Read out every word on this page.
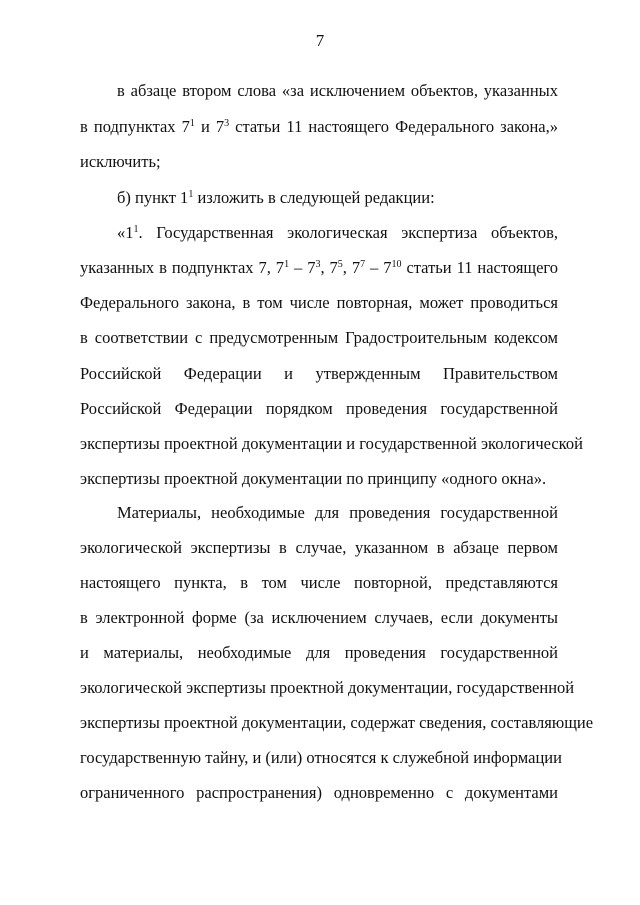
7
в абзаце втором слова «за исключением объектов, указанных
в подпунктах $7^1$ и $7^3$ статьи 11 настоящего Федерального закона,»
исключить;
б) пункт $1^1$ изложить в следующей редакции:
«$1^1$. Государственная экологическая экспертиза объектов,
указанных в подпунктах 7, $7^1 - 7^3$, $7^5$, $7^7 - 7^{10}$ статьи 11 настоящего
Федерального закона, в том числе повторная, может проводиться
в соответствии с предусмотренным Градостроительным кодексом
Российской Федерации и утвержденным Правительством
Российской Федерации порядком проведения государственной
экспертизы проектной документации и государственной экологической
экспертизы проектной документации по принципу «одного окна».
Материалы, необходимые для проведения государственной
экологической экспертизы в случае, указанном в абзаце первом
настоящего пункта, в том числе повторной, представляются
в электронной форме (за исключением случаев, если документы
и материалы, необходимые для проведения государственной
экологической экспертизы проектной документации, государственной
экспертизы проектной документации, содержат сведения, составляющие
государственную тайну, и (или) относятся к служебной информации
ограниченного распространения) одновременно с документами
